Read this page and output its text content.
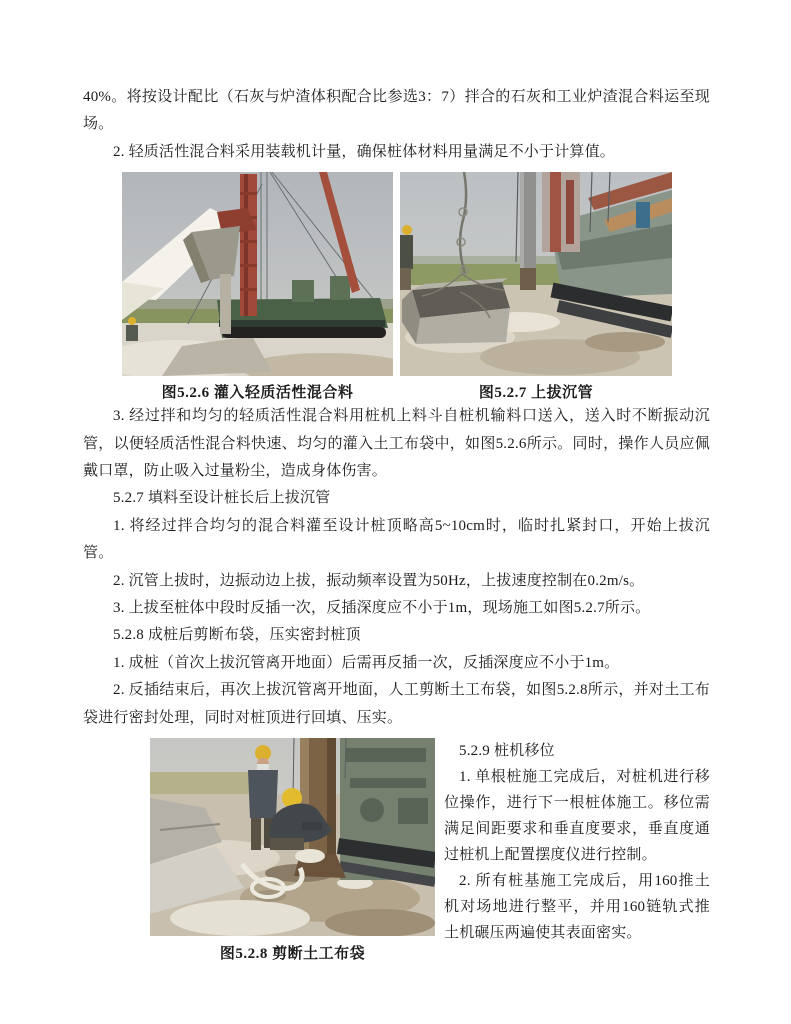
40%。将按设计配比（石灰与炉渣体积配合比参选3：7）拌合的石灰和工业炉渣混合料运至现场。

2. 轻质活性混合料采用装载机计量，确保桩体材料用量满足不小于计算值。

图5.2.6 灌入轻质活性混合料	图5.2.7 上拔沉管

3. 经过拌和均匀的轻质活性混合料用桩机上料斗自桩机输料口送入，送入时不断振动沉管，以便轻质活性混合料快速、均匀的灌入土工布袋中，如图5.2.6所示。同时，操作人员应佩戴口罩，防止吸入过量粉尘，造成身体伤害。

5.2.7 填料至设计桩长后上拔沉管

1. 将经过拌合均匀的混合料灌至设计桩顶略高5~10cm时，临时扎紧封口，开始上拔沉管。

2. 沉管上拔时，边振动边上拔，振动频率设置为50Hz，上拔速度控制在0.2m/s。

3. 上拔至桩体中段时反插一次，反插深度应不小于1m，现场施工如图5.2.7所示。

5.2.8 成桩后剪断布袋，压实密封桩顶

1. 成桩（首次上拔沉管离开地面）后需再反插一次，反插深度应不小于1m。

2. 反插结束后，再次上拔沉管离开地面，人工剪断土工布袋，如图5.2.8所示，并对土工布袋进行密封处理，同时对桩顶进行回填、压实。

图5.2.8 剪断土工布袋

5.2.9 桩机移位

1. 单根桩施工完成后，对桩机进行移位操作，进行下一根桩体施工。移位需满足间距要求和垂直度要求，垂直度通过桩机上配置摆度仪进行控制。

2. 所有桩基施工完成后，用160推土机对场地进行整平，并用160链轨式推土机碾压两遍使其表面密实。
